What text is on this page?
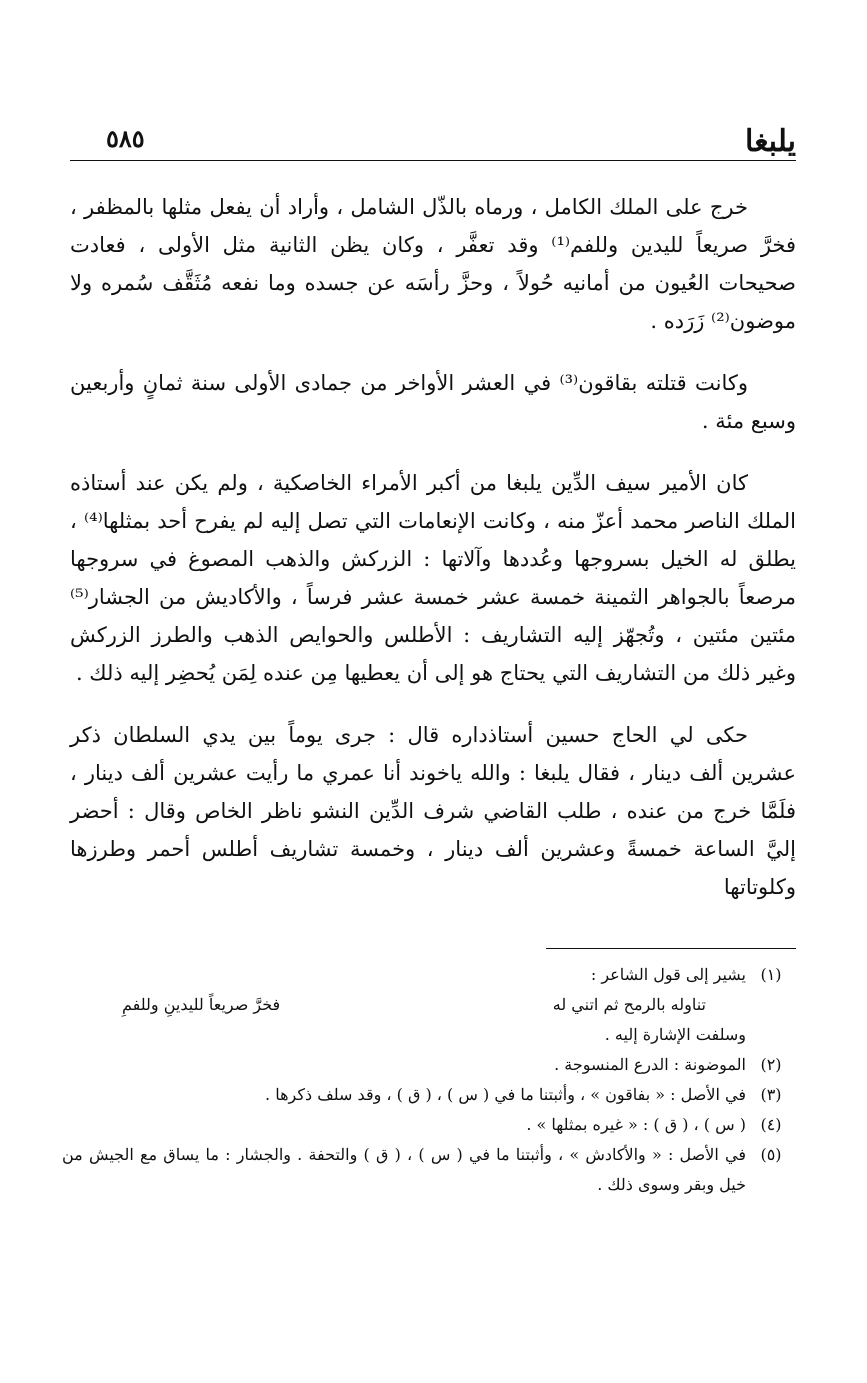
يلبغا
٥٨٥

خرج على الملك الكامل ، ورماه بالذّل الشامل ، وأراد أن يفعل مثلها بالمظفر ، فخرَّ صريعاً لليدين وللفم⁽¹⁾ وقد تعفَّر ، وكان يظن الثانية مثل الأولى ، فعادت صحيحات العُيون من أمانيه حُولاً ، وحزَّ رأسَه عن جسده وما نفعه مُثَقَّف سُمره ولا موضون⁽²⁾ زَرَده .

وكانت قتلته بقاقون⁽³⁾ في العشر الأواخر من جمادى الأولى سنة ثمانٍ وأربعين وسبع مئة .

كان الأمير سيف الدِّين يلبغا من أكبر الأمراء الخاصكية ، ولم يكن عند أستاذه الملك الناصر محمد أعزّ منه ، وكانت الإنعامات التي تصل إليه لم يفرح أحد بمثلها⁽⁴⁾ ، يطلق له الخيل بسروجها وعُددها وآلاتها : الزركش والذهب المصوغ في سروجها مرصعاً بالجواهر الثمينة خمسة عشر خمسة عشر فرساً ، والأكاديش من الجشار⁽⁵⁾ مئتين مئتين ، وتُجهّز إليه التشاريف : الأطلس والحوايص الذهب والطرز الزركش وغير ذلك من التشاريف التي يحتاج هو إلى أن يعطيها مِن عنده لِمَن يُحضِر إليه ذلك .

حكى لي الحاج حسين أستاذداره قال : جرى يوماً بين يدي السلطان ذكر عشرين ألف دينار ، فقال يلبغا : والله ياخوند أنا عمري ما رأيت عشرين ألف دينار ، فلَمَّا خرج من عنده ، طلب القاضي شرف الدِّين النشو ناظر الخاص وقال : أحضر إليَّ الساعة خمسةً وعشرين ألف دينار ، وخمسة تشاريف أطلس أحمر وطرزها وكلوتاتها

(١)
يشير إلى قول الشاعر :
تناوله بالرمح ثم اتني له
فخرَّ صريعاً لليدينِ وللفمِ
وسلفت الإشارة إليه .
(٢)
الموضونة : الدرع المنسوجة .
(٣)
في الأصل : « بفاقون » ، وأثبتنا ما في ( س ) ، ( ق ) ، وقد سلف ذكرها .
(٤)
( س ) ، ( ق ) : « غيره بمثلها » .
(٥)
في الأصل : « والأكادش » ، وأثبتنا ما في ( س ) ، ( ق ) والتحفة . والجشار : ما يساق مع الجيش من خيل وبقر وسوى ذلك .
